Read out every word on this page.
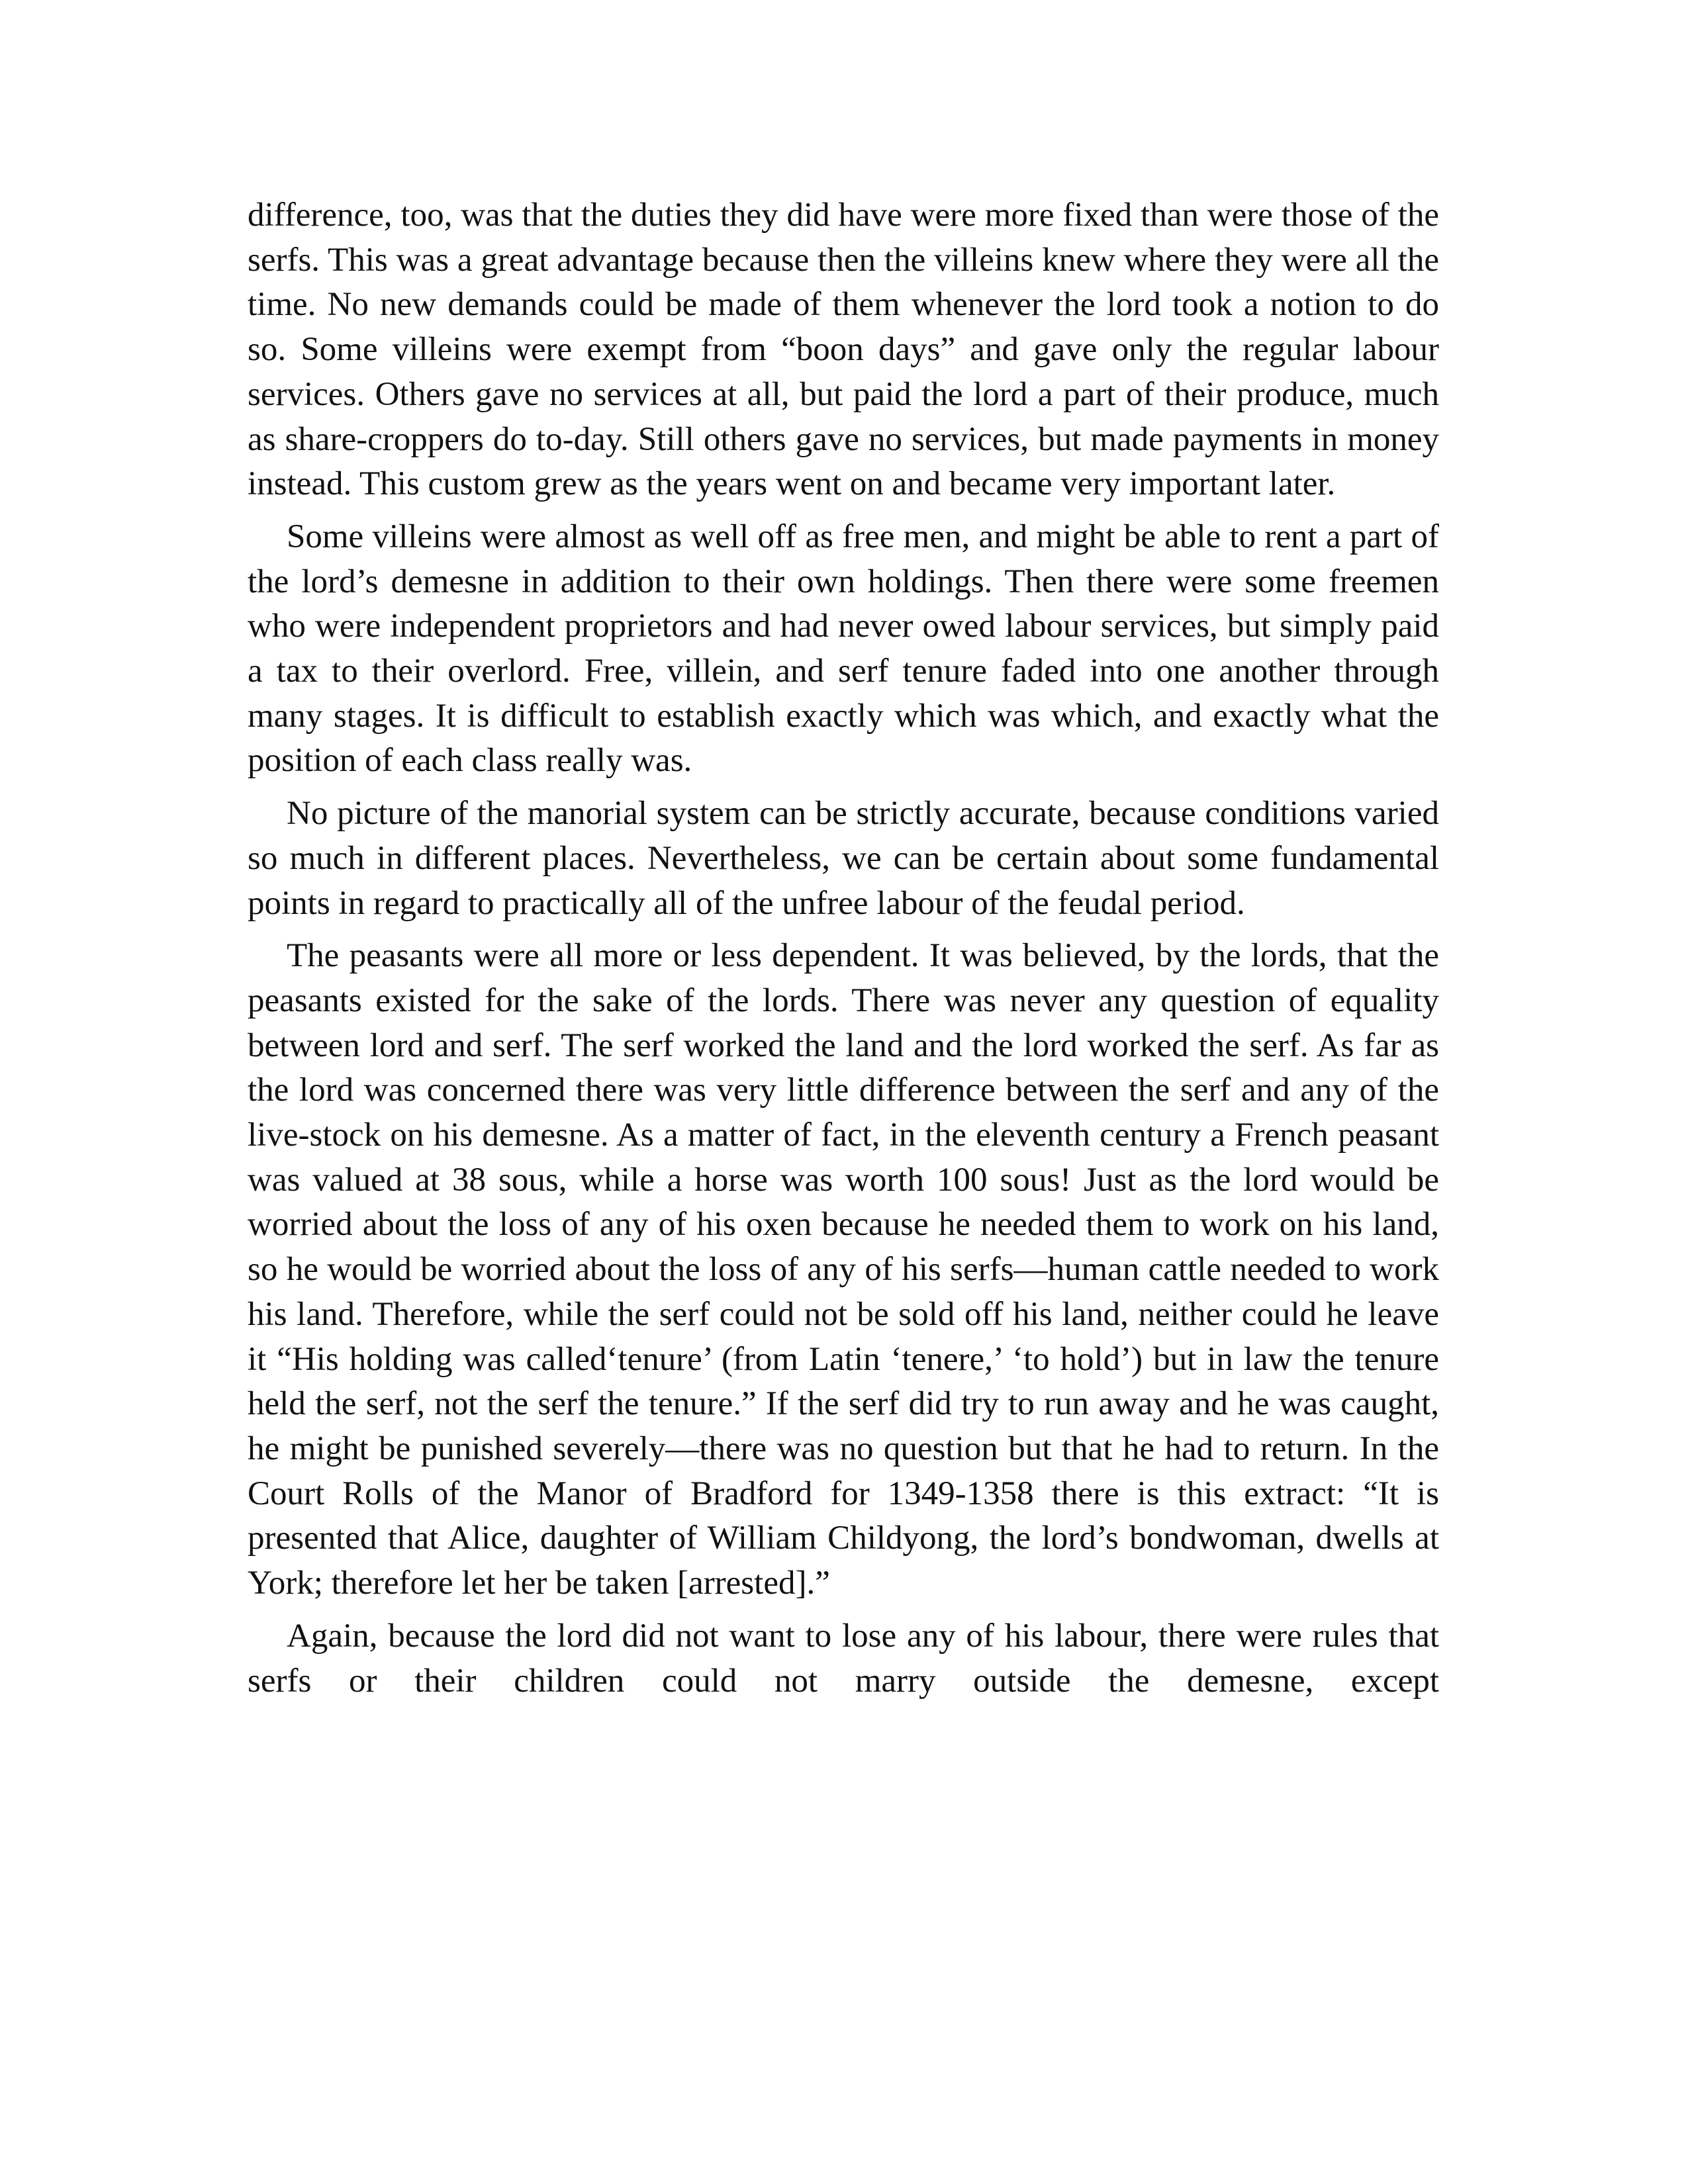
difference, too, was that the duties they did have were more fixed than were those of the serfs. This was a great advantage because then the villeins knew where they were all the time. No new demands could be made of them whenever the lord took a notion to do so. Some villeins were exempt from “boon days” and gave only the regular labour services. Others gave no services at all, but paid the lord a part of their produce, much as share-croppers do to-day. Still others gave no services, but made payments in money instead. This custom grew as the years went on and became very important later.

Some villeins were almost as well off as free men, and might be able to rent a part of the lord’s demesne in addition to their own holdings. Then there were some freemen who were independent proprietors and had never owed labour services, but simply paid a tax to their overlord. Free, villein, and serf tenure faded into one another through many stages. It is difficult to establish exactly which was which, and exactly what the position of each class really was.

No picture of the manorial system can be strictly accurate, because conditions varied so much in different places. Nevertheless, we can be certain about some fundamental points in regard to practically all of the unfree labour of the feudal period.

The peasants were all more or less dependent. It was believed, by the lords, that the peasants existed for the sake of the lords. There was never any question of equality between lord and serf. The serf worked the land and the lord worked the serf. As far as the lord was concerned there was very little difference between the serf and any of the live-stock on his demesne. As a matter of fact, in the eleventh century a French peasant was valued at 38 sous, while a horse was worth 100 sous! Just as the lord would be worried about the loss of any of his oxen because he needed them to work on his land, so he would be worried about the loss of any of his serfs—human cattle needed to work his land. Therefore, while the serf could not be sold off his land, neither could he leave it “His holding was called‘tenure’ (from Latin ‘tenere,’ ‘to hold’) but in law the tenure held the serf, not the serf the tenure.” If the serf did try to run away and he was caught, he might be punished severely—there was no question but that he had to return. In the Court Rolls of the Manor of Bradford for 1349-1358 there is this extract: “It is presented that Alice, daughter of William Childyong, the lord’s bondwoman, dwells at York; therefore let her be taken [arrested].”

Again, because the lord did not want to lose any of his labour, there were rules that serfs or their children could not marry outside the demesne, except
